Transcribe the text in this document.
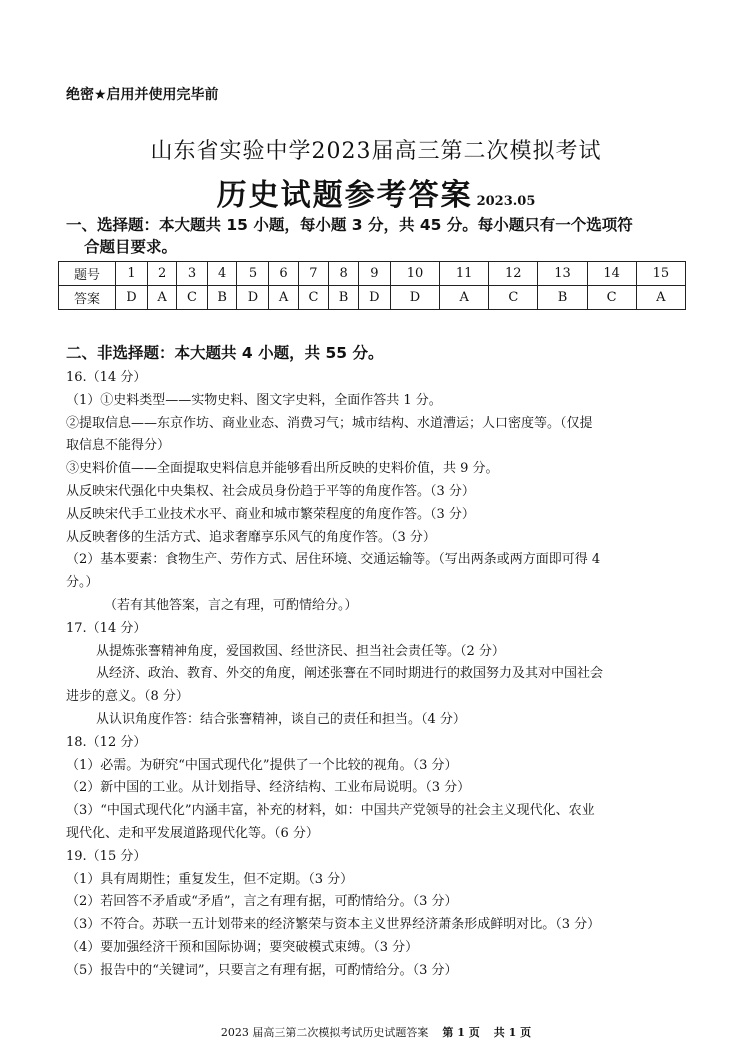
绝密★启用并使用完毕前
山东省实验中学2023届高三第二次模拟考试
历史试题参考答案 2023.05
一、选择题：本大题共 15 小题，每小题 3 分，共 45 分。每小题只有一个选项符
合题目要求。
题号	1	2	3	4	5	6	7	8	9	10	11	12	13	14	15
答案	D	A	C	B	D	A	C	B	D	D	A	C	B	C	A
二、非选择题：本大题共 4 小题，共 55 分。

16.（14 分）

（1）①史料类型——实物史料、图文字史料，全面作答共 1 分。

②提取信息——东京作坊、商业业态、消费习气；城市结构、水道漕运；人口密度等。（仅提

取信息不能得分）

③史料价值——全面提取史料信息并能够看出所反映的史料价值，共 9 分。

从反映宋代强化中央集权、社会成员身份趋于平等的角度作答。（3 分）

从反映宋代手工业技术水平、商业和城市繁荣程度的角度作答。（3 分）

从反映奢侈的生活方式、追求奢靡享乐风气的角度作答。（3 分）

（2）基本要素：食物生产、劳作方式、居住环境、交通运输等。（写出两条或两方面即可得 4

分。）

（若有其他答案，言之有理，可酌情给分。）

17.（14 分）

从提炼张謇精神角度，爱国救国、经世济民、担当社会责任等。（2 分）

从经济、政治、教育、外交的角度，阐述张謇在不同时期进行的救国努力及其对中国社会

进步的意义。（8 分）

从认识角度作答：结合张謇精神，谈自己的责任和担当。（4 分）

18.（12 分）

（1）必需。为研究“中国式现代化”提供了一个比较的视角。（3 分）

（2）新中国的工业。从计划指导、经济结构、工业布局说明。（3 分）

（3）“中国式现代化”内涵丰富，补充的材料，如：中国共产党领导的社会主义现代化、农业

现代化、走和平发展道路现代化等。（6 分）

19.（15 分）

（1）具有周期性；重复发生，但不定期。（3 分）

（2）若回答不矛盾或“矛盾”，言之有理有据，可酌情给分。（3 分）

（3）不符合。苏联一五计划带来的经济繁荣与资本主义世界经济萧条形成鲜明对比。（3 分）

（4）要加强经济干预和国际协调；要突破模式束缚。（3 分）

（5）报告中的“关键词”，只要言之有理有据，可酌情给分。（3 分）

2023 届高三第二次模拟考试历史试题答案 第 1 页 共 1 页
